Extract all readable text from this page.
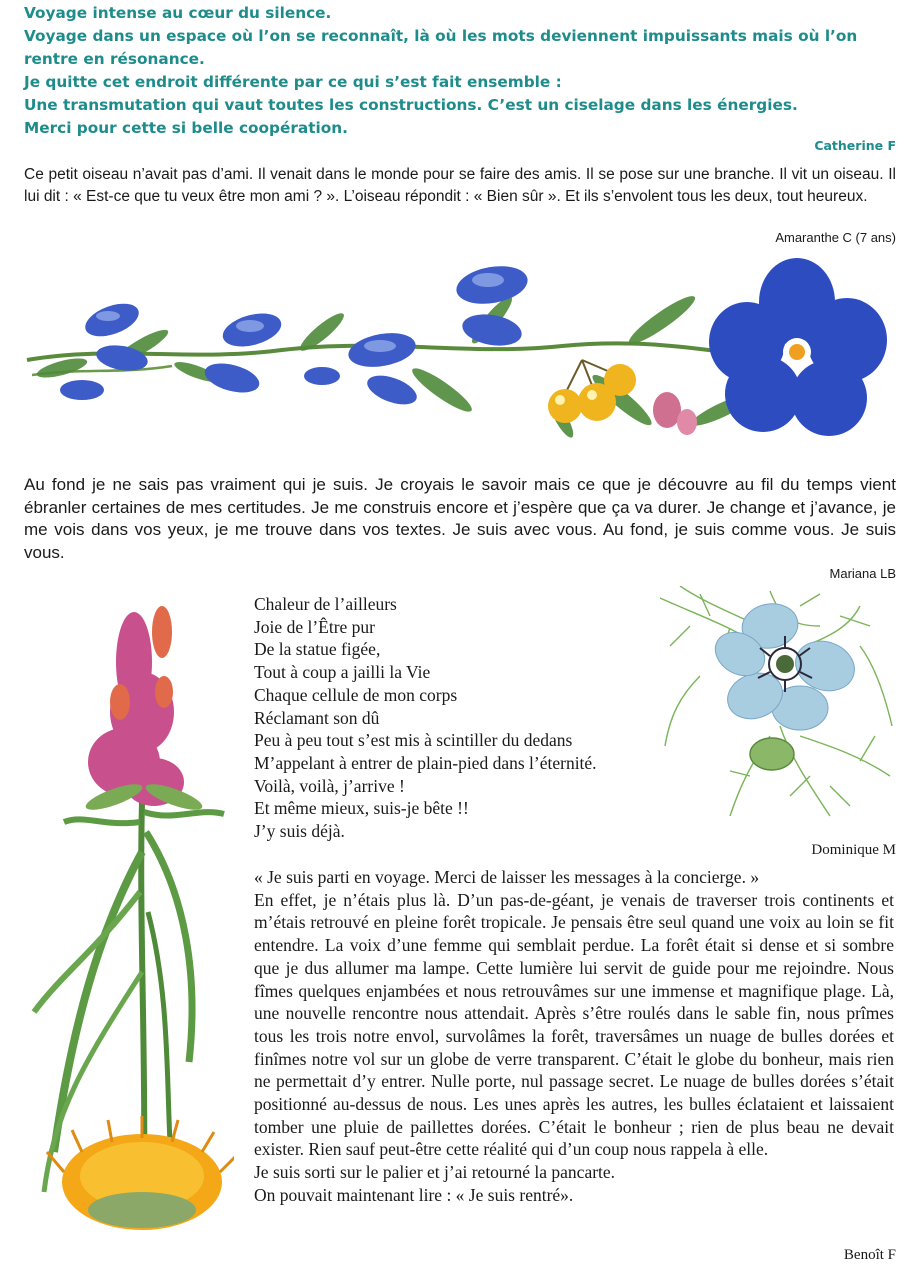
Voyage intense au cœur du silence.

Voyage dans un espace où l’on se reconnaît, là où les mots deviennent impuissants mais où l’on rentre en résonance.

Je quitte cet endroit différente par ce qui s’est fait ensemble :

Une transmutation qui vaut toutes les constructions. C’est un ciselage dans les énergies.

Merci pour cette si belle coopération.

Catherine F

Ce petit oiseau n’avait pas d’ami. Il venait dans le monde pour se faire des amis. Il se pose sur une branche. Il vit un oiseau. Il lui dit : « Est-ce que tu veux être mon ami ? ». L’oiseau répondit : « Bien sûr ». Et ils s’envolent tous les deux, tout heureux.

Amaranthe C (7 ans)

Au fond je ne sais pas vraiment qui je suis. Je croyais le savoir mais ce que je découvre au fil du temps vient ébranler certaines de mes certitudes. Je me construis encore et j’espère que ça va durer. Je change et j’avance, je me vois dans vos yeux, je me trouve dans vos textes. Je suis avec vous. Au fond, je suis comme vous. Je suis vous.

Mariana LB
Chaleur de l’ailleurs
Joie de l’Être pur
De la statue figée,
Tout à coup a jailli la Vie
Chaque cellule de mon corps
Réclamant son dû
Peu à peu tout s’est mis à scintiller du dedans
M’appelant à entrer de plain-pied dans l’éternité.
Voilà, voilà, j’arrive !
Et même mieux, suis-je bête !!
J’y suis déjà.
Dominique M

« Je suis parti en voyage. Merci de laisser les messages à la concierge. »

En effet, je n’étais plus là. D’un pas-de-géant, je venais de traverser trois continents et m’étais retrouvé en pleine forêt tropicale. Je pensais être seul quand une voix au loin se fit entendre. La voix d’une femme qui semblait perdue. La forêt était si dense et si sombre que je dus allumer ma lampe. Cette lumière lui servit de guide pour me rejoindre. Nous fîmes quelques enjambées et nous retrouvâmes sur une immense et magnifique plage. Là, une nouvelle rencontre nous attendait. Après s’être roulés dans le sable fin, nous prîmes tous les trois notre envol, survolâmes la forêt, traversâmes un nuage de bulles dorées et finîmes notre vol sur un globe de verre transparent. C’était le globe du bonheur, mais rien ne permettait d’y entrer. Nulle porte, nul passage secret. Le nuage de bulles dorées s’était positionné au-dessus de nous. Les unes après les autres, les bulles éclataient et laissaient tomber une pluie de paillettes dorées. C’était le bonheur ; rien de plus beau ne devait exister. Rien sauf peut-être cette réalité qui d’un coup nous rappela à elle.

Je suis sorti sur le palier et j’ai retourné la pancarte.

On pouvait maintenant lire : « Je suis rentré».

Benoît F
